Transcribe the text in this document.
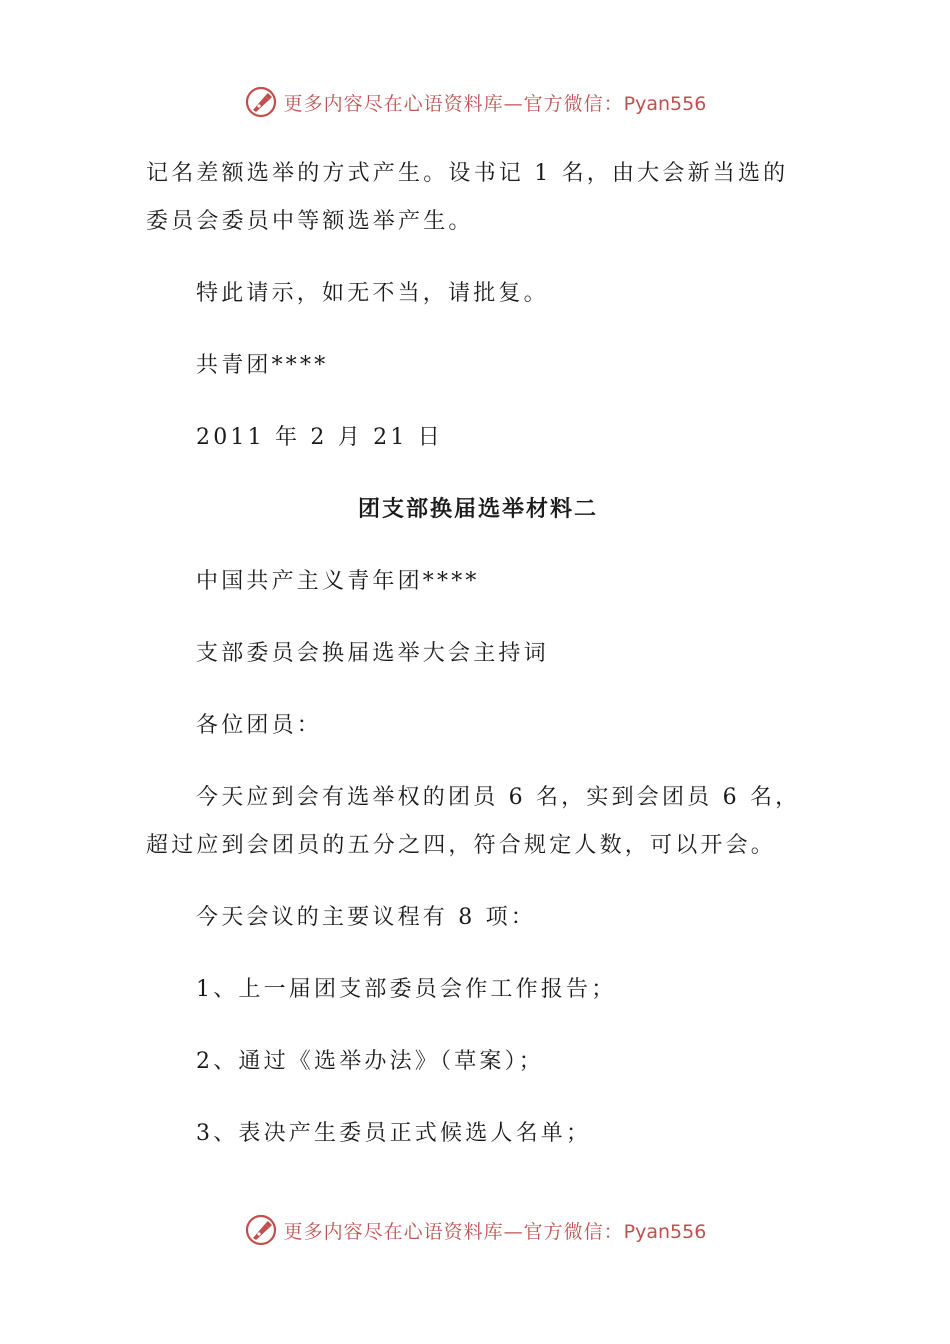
更多内容尽在心语资料库—官方微信：Pyan556

记名差额选举的方式产生。设书记 1 名，由大会新当选的委员会委员中等额选举产生。

特此请示，如无不当，请批复。

共青团****

2011 年 2 月 21 日

团支部换届选举材料二

中国共产主义青年团****

支部委员会换届选举大会主持词

各位团员：

今天应到会有选举权的团员 6 名，实到会团员 6 名，超过应到会团员的五分之四，符合规定人数，可以开会。

今天会议的主要议程有 8 项：

1、上一届团支部委员会作工作报告；

2、通过《选举办法》（草案）；

3、表决产生委员正式候选人名单；

更多内容尽在心语资料库—官方微信：Pyan556
